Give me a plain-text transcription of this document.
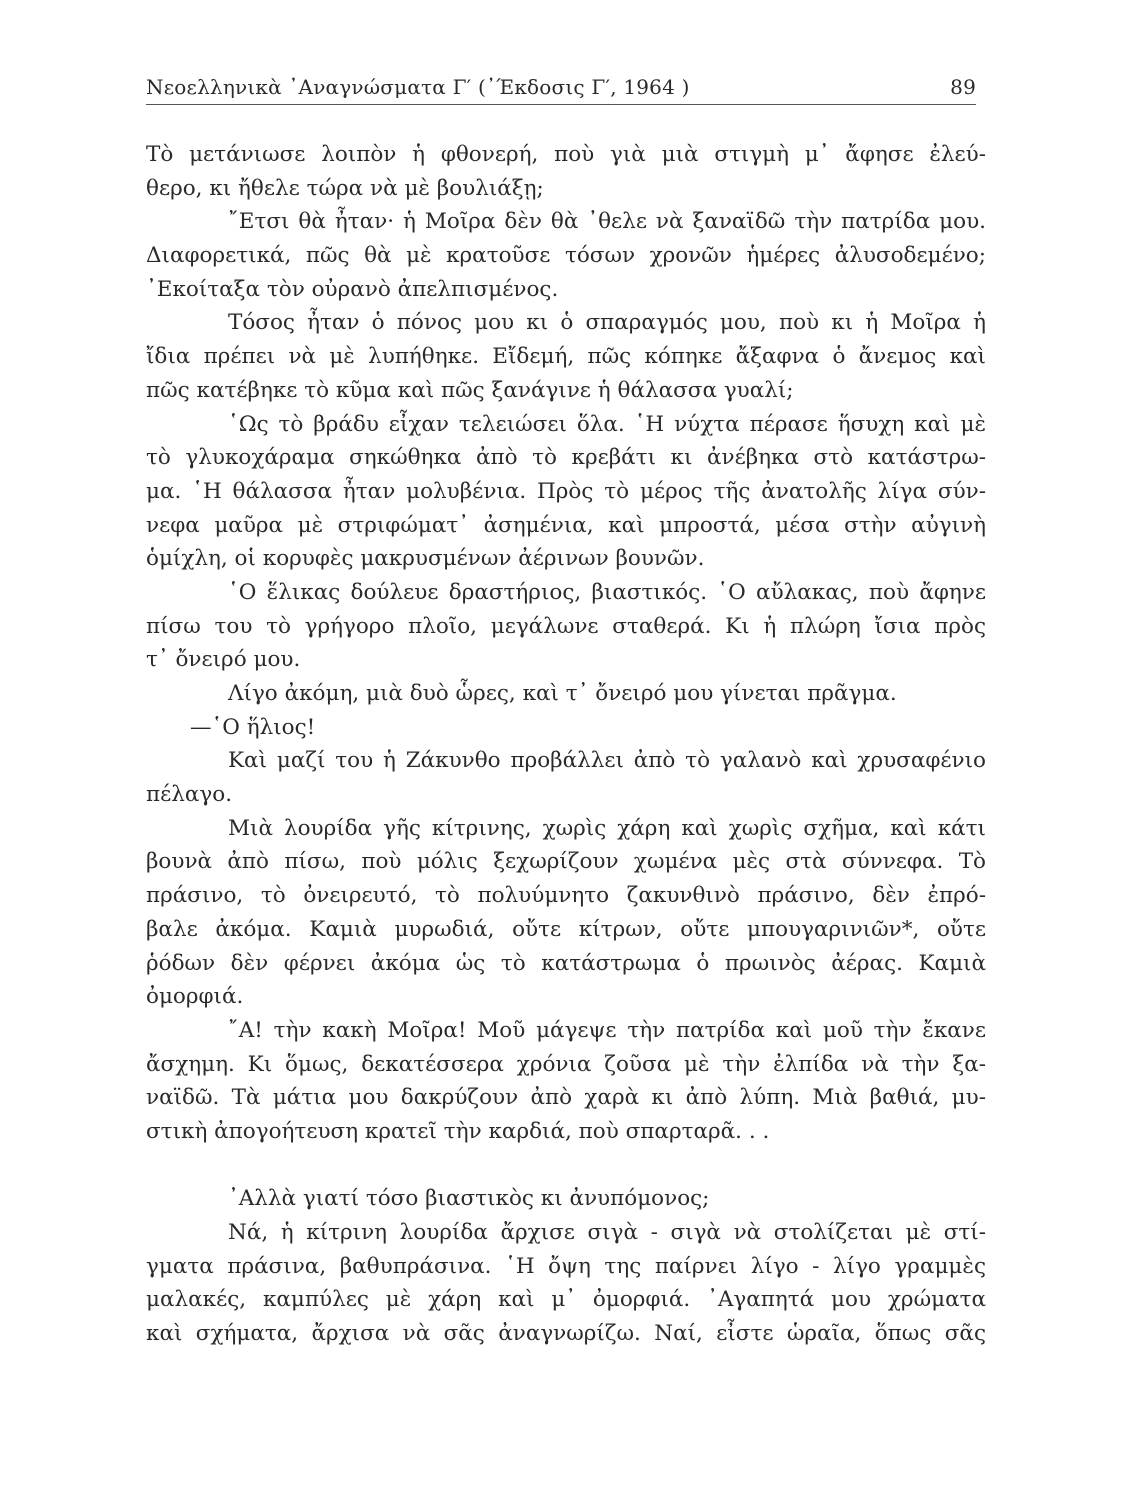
Νεοελληνικὰ ᾽Αναγνώσματα Γ′ (᾽Έκδοσις Γ′, 1964 )	89
Τὸ μετάνιωσε λοιπὸν ἡ φθονερή, ποὺ γιὰ μιὰ στιγμὴ μ᾽ ἄφησε ἐλεύ-
θερο, κι ἤθελε τώρα νὰ μὲ βουλιάξῃ;
῎Ετσι θὰ ἦταν· ἡ Μοῖρα δὲν θὰ ᾽θελε νὰ ξαναϊδῶ τὴν πατρίδα μου.
Διαφορετικά, πῶς θὰ μὲ κρατοῦσε τόσων χρονῶν ἡμέρες ἀλυσοδεμένο;
᾽Εκοίταξα τὸν οὐρανὸ ἀπελπισμένος.
Τόσος ἦταν ὁ πόνος μου κι ὁ σπαραγμός μου, ποὺ κι ἡ Μοῖρα ἡ
ἴδια πρέπει νὰ μὲ λυπήθηκε. Εἴδεμή, πῶς κόπηκε ἄξαφνα ὁ ἄνεμος καὶ
πῶς κατέβηκε τὸ κῦμα καὶ πῶς ξανάγινε ἡ θάλασσα γυαλί;
῾Ως τὸ βράδυ εἶχαν τελειώσει ὅλα. ῾Η νύχτα πέρασε ἥσυχη καὶ μὲ
τὸ γλυκοχάραμα σηκώθηκα ἀπὸ τὸ κρεβάτι κι ἀνέβηκα στὸ κατάστρω-
μα. ῾Η θάλασσα ἦταν μολυβένια. Πρὸς τὸ μέρος τῆς ἀνατολῆς λίγα σύν-
νεφα μαῦρα μὲ στριφώματ᾽ ἀσημένια, καὶ μπροστά, μέσα στὴν αὐγινὴ
ὁμίχλη, οἱ κορυφὲς μακρυσμένων ἀέρινων βουνῶν.
῾Ο ἕλικας δούλευε δραστήριος, βιαστικός. ῾Ο αὔλακας, ποὺ ἄφηνε
πίσω του τὸ γρήγορο πλοῖο, μεγάλωνε σταθερά. Κι ἡ πλώρη ἴσια πρὸς
τ᾽ ὄνειρό μου.
Λίγο ἀκόμη, μιὰ δυὸ ὧρες, καὶ τ᾽ ὄνειρό μου γίνεται πρᾶγμα.
—῾Ο ἥλιος!
Καὶ μαζί του ἡ Ζάκυνθο προβάλλει ἀπὸ τὸ γαλανὸ καὶ χρυσαφένιο
πέλαγο.
Μιὰ λουρίδα γῆς κίτρινης, χωρὶς χάρη καὶ χωρὶς σχῆμα, καὶ κάτι
βουνὰ ἀπὸ πίσω, ποὺ μόλις ξεχωρίζουν χωμένα μὲς στὰ σύννεφα. Τὸ
πράσινο, τὸ ὀνειρευτό, τὸ πολυύμνητο ζακυνθινὸ πράσινο, δὲν ἐπρό-
βαλε ἀκόμα. Καμιὰ μυρωδιά, οὔτε κίτρων, οὔτε μπουγαρινιῶν*, οὔτε
ῥόδων δὲν φέρνει ἀκόμα ὡς τὸ κατάστρωμα ὁ πρωινὸς ἀέρας. Καμιὰ
ὀμορφιά.
῎Α! τὴν κακὴ Μοῖρα! Μοῦ μάγεψε τὴν πατρίδα καὶ μοῦ τὴν ἔκανε
ἄσχημη. Κι ὅμως, δεκατέσσερα χρόνια ζοῦσα μὲ τὴν ἐλπίδα νὰ τὴν ξα-
ναϊδῶ. Τὰ μάτια μου δακρύζουν ἀπὸ χαρὰ κι ἀπὸ λύπη. Μιὰ βαθιά, μυ-
στικὴ ἀπογοήτευση κρατεῖ τὴν καρδιά, ποὺ σπαρταρᾶ. . .
᾽Αλλὰ γιατί τόσο βιαστικὸς κι ἀνυπόμονος;
Νά, ἡ κίτρινη λουρίδα ἄρχισε σιγὰ - σιγὰ νὰ στολίζεται μὲ στί-
γματα πράσινα, βαθυπράσινα. ῾Η ὄψη της παίρνει λίγο - λίγο γραμμὲς
μαλακές, καμπύλες μὲ χάρη καὶ μ᾽ ὀμορφιά. ᾽Αγαπητά μου χρώματα
καὶ σχήματα, ἄρχισα νὰ σᾶς ἀναγνωρίζω. Ναί, εἶστε ὡραῖα, ὅπως σᾶς
